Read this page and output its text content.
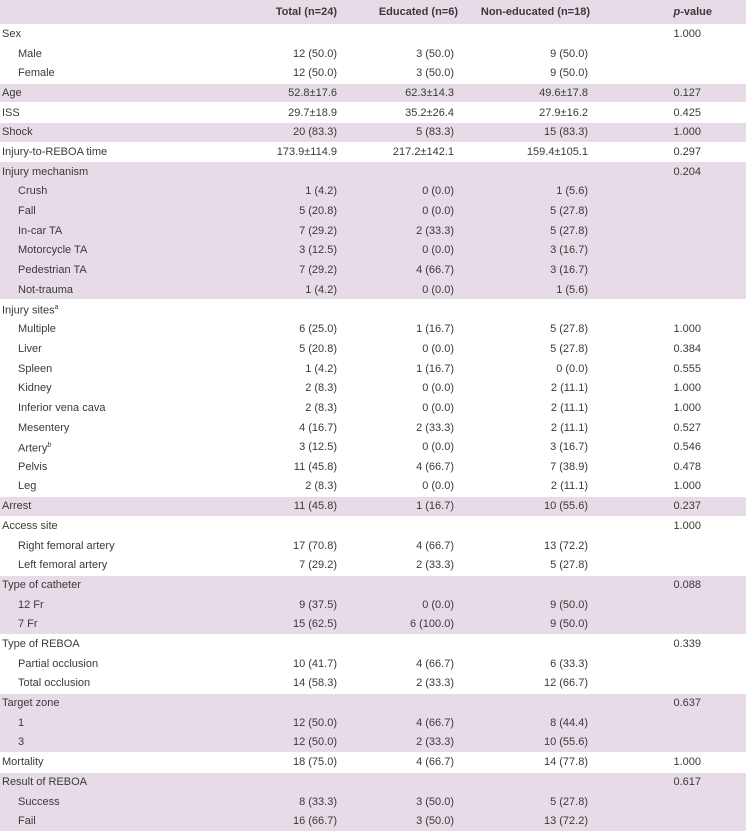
	Total (n=24)	Educated (n=6)	Non-educated (n=18)	p-value
Sex				1.000
Male	12 (50.0)	3 (50.0)	9 (50.0)	
Female	12 (50.0)	3 (50.0)	9 (50.0)	
Age	52.8±17.6	62.3±14.3	49.6±17.8	0.127
ISS	29.7±18.9	35.2±26.4	27.9±16.2	0.425
Shock	20 (83.3)	5 (83.3)	15 (83.3)	1.000
Injury-to-REBOA time	173.9±114.9	217.2±142.1	159.4±105.1	0.297
Injury mechanism				0.204
Crush	1 (4.2)	0 (0.0)	1 (5.6)	
Fall	5 (20.8)	0 (0.0)	5 (27.8)	
In-car TA	7 (29.2)	2 (33.3)	5 (27.8)	
Motorcycle TA	3 (12.5)	0 (0.0)	3 (16.7)	
Pedestrian TA	7 (29.2)	4 (66.7)	3 (16.7)	
Not-trauma	1 (4.2)	0 (0.0)	1 (5.6)	
Injury sites$^a$				
Multiple	6 (25.0)	1 (16.7)	5 (27.8)	1.000
Liver	5 (20.8)	0 (0.0)	5 (27.8)	0.384
Spleen	1 (4.2)	1 (16.7)	0 (0.0)	0.555
Kidney	2 (8.3)	0 (0.0)	2 (11.1)	1.000
Inferior vena cava	2 (8.3)	0 (0.0)	2 (11.1)	1.000
Mesentery	4 (16.7)	2 (33.3)	2 (11.1)	0.527
Artery$^b$	3 (12.5)	0 (0.0)	3 (16.7)	0.546
Pelvis	11 (45.8)	4 (66.7)	7 (38.9)	0.478
Leg	2 (8.3)	0 (0.0)	2 (11.1)	1.000
Arrest	11 (45.8)	1 (16.7)	10 (55.6)	0.237
Access site				1.000
Right femoral artery	17 (70.8)	4 (66.7)	13 (72.2)	
Left femoral artery	7 (29.2)	2 (33.3)	5 (27.8)	
Type of catheter				0.088
12 Fr	9 (37.5)	0 (0.0)	9 (50.0)	
7 Fr	15 (62.5)	6 (100.0)	9 (50.0)	
Type of REBOA				0.339
Partial occlusion	10 (41.7)	4 (66.7)	6 (33.3)	
Total occlusion	14 (58.3)	2 (33.3)	12 (66.7)	
Target zone				0.637
1	12 (50.0)	4 (66.7)	8 (44.4)	
3	12 (50.0)	2 (33.3)	10 (55.6)	
Mortality	18 (75.0)	4 (66.7)	14 (77.8)	1.000
Result of REBOA				0.617
Success	8 (33.3)	3 (50.0)	5 (27.8)	
Fail	16 (66.7)	3 (50.0)	13 (72.2)	
